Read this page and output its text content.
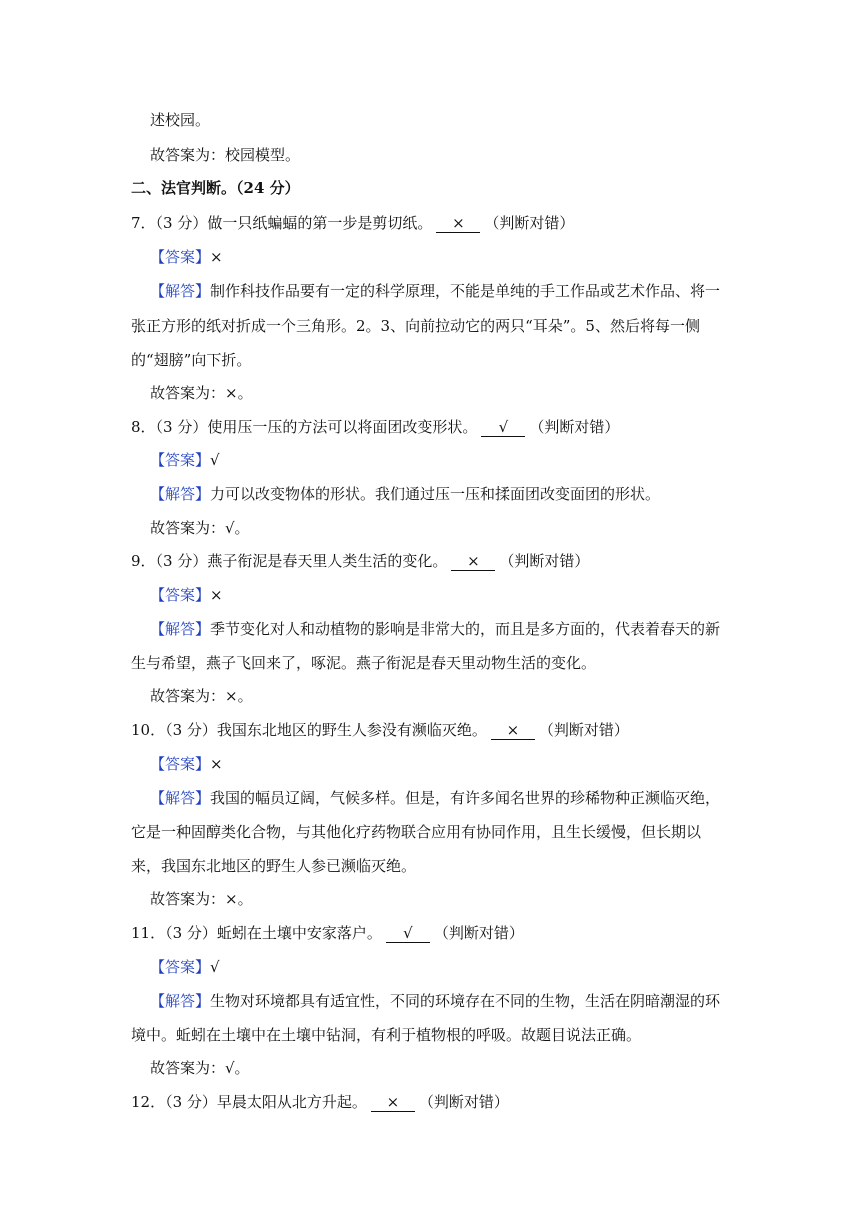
述校园。
故答案为：校园模型。
二、法官判断。（24 分）
7．（3 分）做一只纸蝙蝠的第一步是剪切纸。 × （判断对错）
【答案】×
【解答】制作科技作品要有一定的科学原理，不能是单纯的手工作品或艺术作品、将一
张正方形的纸对折成一个三角形。2。3、向前拉动它的两只“耳朵”。5、然后将每一侧
的“翅膀”向下折。
故答案为：×。
8．（3 分）使用压一压的方法可以将面团改变形状。 √ （判断对错）
【答案】√
【解答】力可以改变物体的形状。我们通过压一压和揉面团改变面团的形状。
故答案为：√。
9．（3 分）燕子衔泥是春天里人类生活的变化。 × （判断对错）
【答案】×
【解答】季节变化对人和动植物的影响是非常大的，而且是多方面的，代表着春天的新
生与希望，燕子飞回来了，啄泥。燕子衔泥是春天里动物生活的变化。
故答案为：×。
10．（3 分）我国东北地区的野生人参没有濒临灭绝。 × （判断对错）
【答案】×
【解答】我国的幅员辽阔，气候多样。但是，有许多闻名世界的珍稀物种正濒临灭绝，
它是一种固醇类化合物，与其他化疗药物联合应用有协同作用，且生长缓慢，但长期以
来，我国东北地区的野生人参已濒临灭绝。
故答案为：×。
11．（3 分）蚯蚓在土壤中安家落户。 √ （判断对错）
【答案】√
【解答】生物对环境都具有适宜性，不同的环境存在不同的生物，生活在阴暗潮湿的环
境中。蚯蚓在土壤中在土壤中钻洞，有利于植物根的呼吸。故题目说法正确。
故答案为：√。
12．（3 分）早晨太阳从北方升起。 × （判断对错）
